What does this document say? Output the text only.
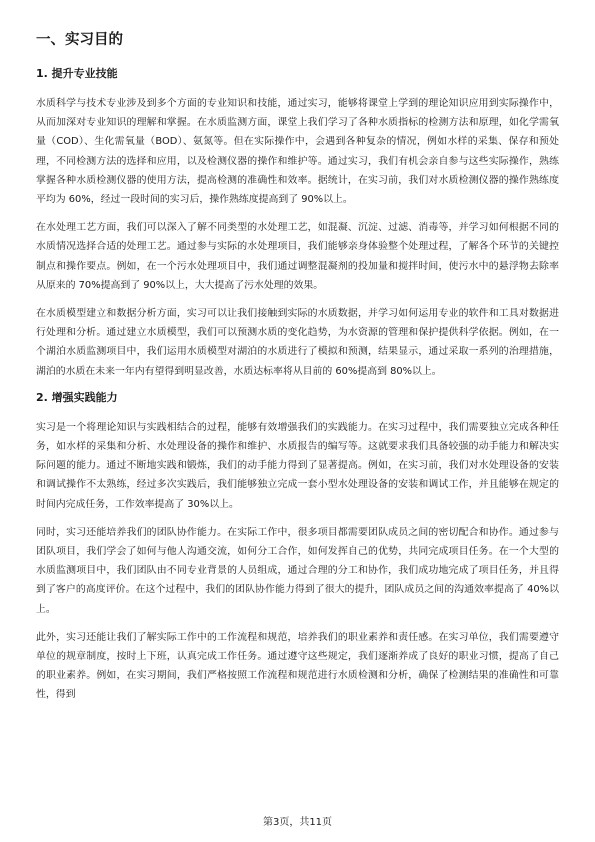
一、实习目的
1. 提升专业技能

水质科学与技术专业涉及到多个方面的专业知识和技能，通过实习，能够将课堂上学到的理论知识应用到实际操作中，从而加深对专业知识的理解和掌握。在水质监测方面，课堂上我们学习了各种水质指标的检测方法和原理，如化学需氧量（COD）、生化需氧量（BOD）、氨氮等。但在实际操作中，会遇到各种复杂的情况，例如水样的采集、保存和预处理，不同检测方法的选择和应用，以及检测仪器的操作和维护等。通过实习，我们有机会亲自参与这些实际操作，熟练掌握各种水质检测仪器的使用方法，提高检测的准确性和效率。据统计，在实习前，我们对水质检测仪器的操作熟练度平均为 60%，经过一段时间的实习后，操作熟练度提高到了 90%以上。

在水处理工艺方面，我们可以深入了解不同类型的水处理工艺，如混凝、沉淀、过滤、消毒等，并学习如何根据不同的水质情况选择合适的处理工艺。通过参与实际的水处理项目，我们能够亲身体验整个处理过程，了解各个环节的关键控制点和操作要点。例如，在一个污水处理项目中，我们通过调整混凝剂的投加量和搅拌时间，使污水中的悬浮物去除率从原来的 70%提高到了 90%以上，大大提高了污水处理的效果。

在水质模型建立和数据分析方面，实习可以让我们接触到实际的水质数据，并学习如何运用专业的软件和工具对数据进行处理和分析。通过建立水质模型，我们可以预测水质的变化趋势，为水资源的管理和保护提供科学依据。例如，在一个湖泊水质监测项目中，我们运用水质模型对湖泊的水质进行了模拟和预测，结果显示，通过采取一系列的治理措施，湖泊的水质在未来一年内有望得到明显改善，水质达标率将从目前的 60%提高到 80%以上。

2. 增强实践能力

实习是一个将理论知识与实践相结合的过程，能够有效增强我们的实践能力。在实习过程中，我们需要独立完成各种任务，如水样的采集和分析、水处理设备的操作和维护、水质报告的编写等。这就要求我们具备较强的动手能力和解决实际问题的能力。通过不断地实践和锻炼，我们的动手能力得到了显著提高。例如，在实习前，我们对水处理设备的安装和调试操作不太熟练，经过多次实践后，我们能够独立完成一套小型水处理设备的安装和调试工作，并且能够在规定的时间内完成任务，工作效率提高了 30%以上。

同时，实习还能培养我们的团队协作能力。在实际工作中，很多项目都需要团队成员之间的密切配合和协作。通过参与团队项目，我们学会了如何与他人沟通交流，如何分工合作，如何发挥自己的优势，共同完成项目任务。在一个大型的水质监测项目中，我们团队由不同专业背景的人员组成，通过合理的分工和协作，我们成功地完成了项目任务，并且得到了客户的高度评价。在这个过程中，我们的团队协作能力得到了很大的提升，团队成员之间的沟通效率提高了 40%以上。

此外，实习还能让我们了解实际工作中的工作流程和规范，培养我们的职业素养和责任感。在实习单位，我们需要遵守单位的规章制度，按时上下班，认真完成工作任务。通过遵守这些规定，我们逐渐养成了良好的职业习惯，提高了自己的职业素养。例如，在实习期间，我们严格按照工作流程和规范进行水质检测和分析，确保了检测结果的准确性和可靠性，得到

第3页，共11页
